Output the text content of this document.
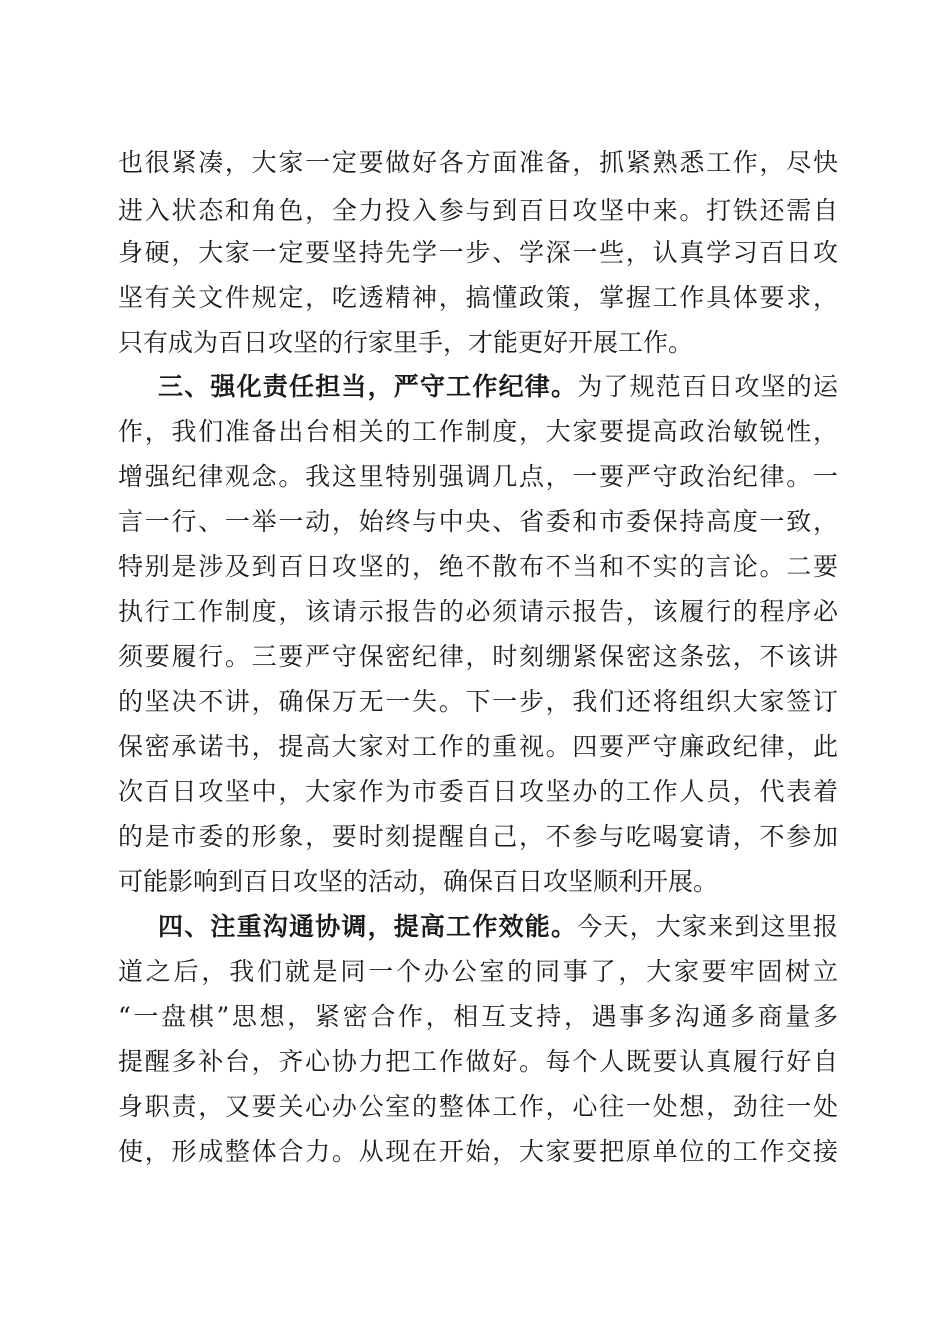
也很紧凑，大家一定要做好各方面准备，抓紧熟悉工作，尽快
进入状态和角色，全力投入参与到百日攻坚中来。打铁还需自
身硬，大家一定要坚持先学一步、学深一些，认真学习百日攻
坚有关文件规定，吃透精神，搞懂政策，掌握工作具体要求，
只有成为百日攻坚的行家里手，才能更好开展工作。
三、强化责任担当，严守工作纪律。为了规范百日攻坚的运
作，我们准备出台相关的工作制度，大家要提高政治敏锐性，
增强纪律观念。我这里特别强调几点，一要严守政治纪律。一
言一行、一举一动，始终与中央、省委和市委保持高度一致，
特别是涉及到百日攻坚的，绝不散布不当和不实的言论。二要
执行工作制度，该请示报告的必须请示报告，该履行的程序必
须要履行。三要严守保密纪律，时刻绷紧保密这条弦，不该讲
的坚决不讲，确保万无一失。下一步，我们还将组织大家签订
保密承诺书，提高大家对工作的重视。四要严守廉政纪律，此
次百日攻坚中，大家作为市委百日攻坚办的工作人员，代表着
的是市委的形象，要时刻提醒自己，不参与吃喝宴请，不参加
可能影响到百日攻坚的活动，确保百日攻坚顺利开展。
四、注重沟通协调，提高工作效能。今天，大家来到这里报
道之后，我们就是同一个办公室的同事了，大家要牢固树立
“一盘棋”思想，紧密合作，相互支持，遇事多沟通多商量多
提醒多补台，齐心协力把工作做好。每个人既要认真履行好自
身职责，又要关心办公室的整体工作，心往一处想，劲往一处
使，形成整体合力。从现在开始，大家要把原单位的工作交接
